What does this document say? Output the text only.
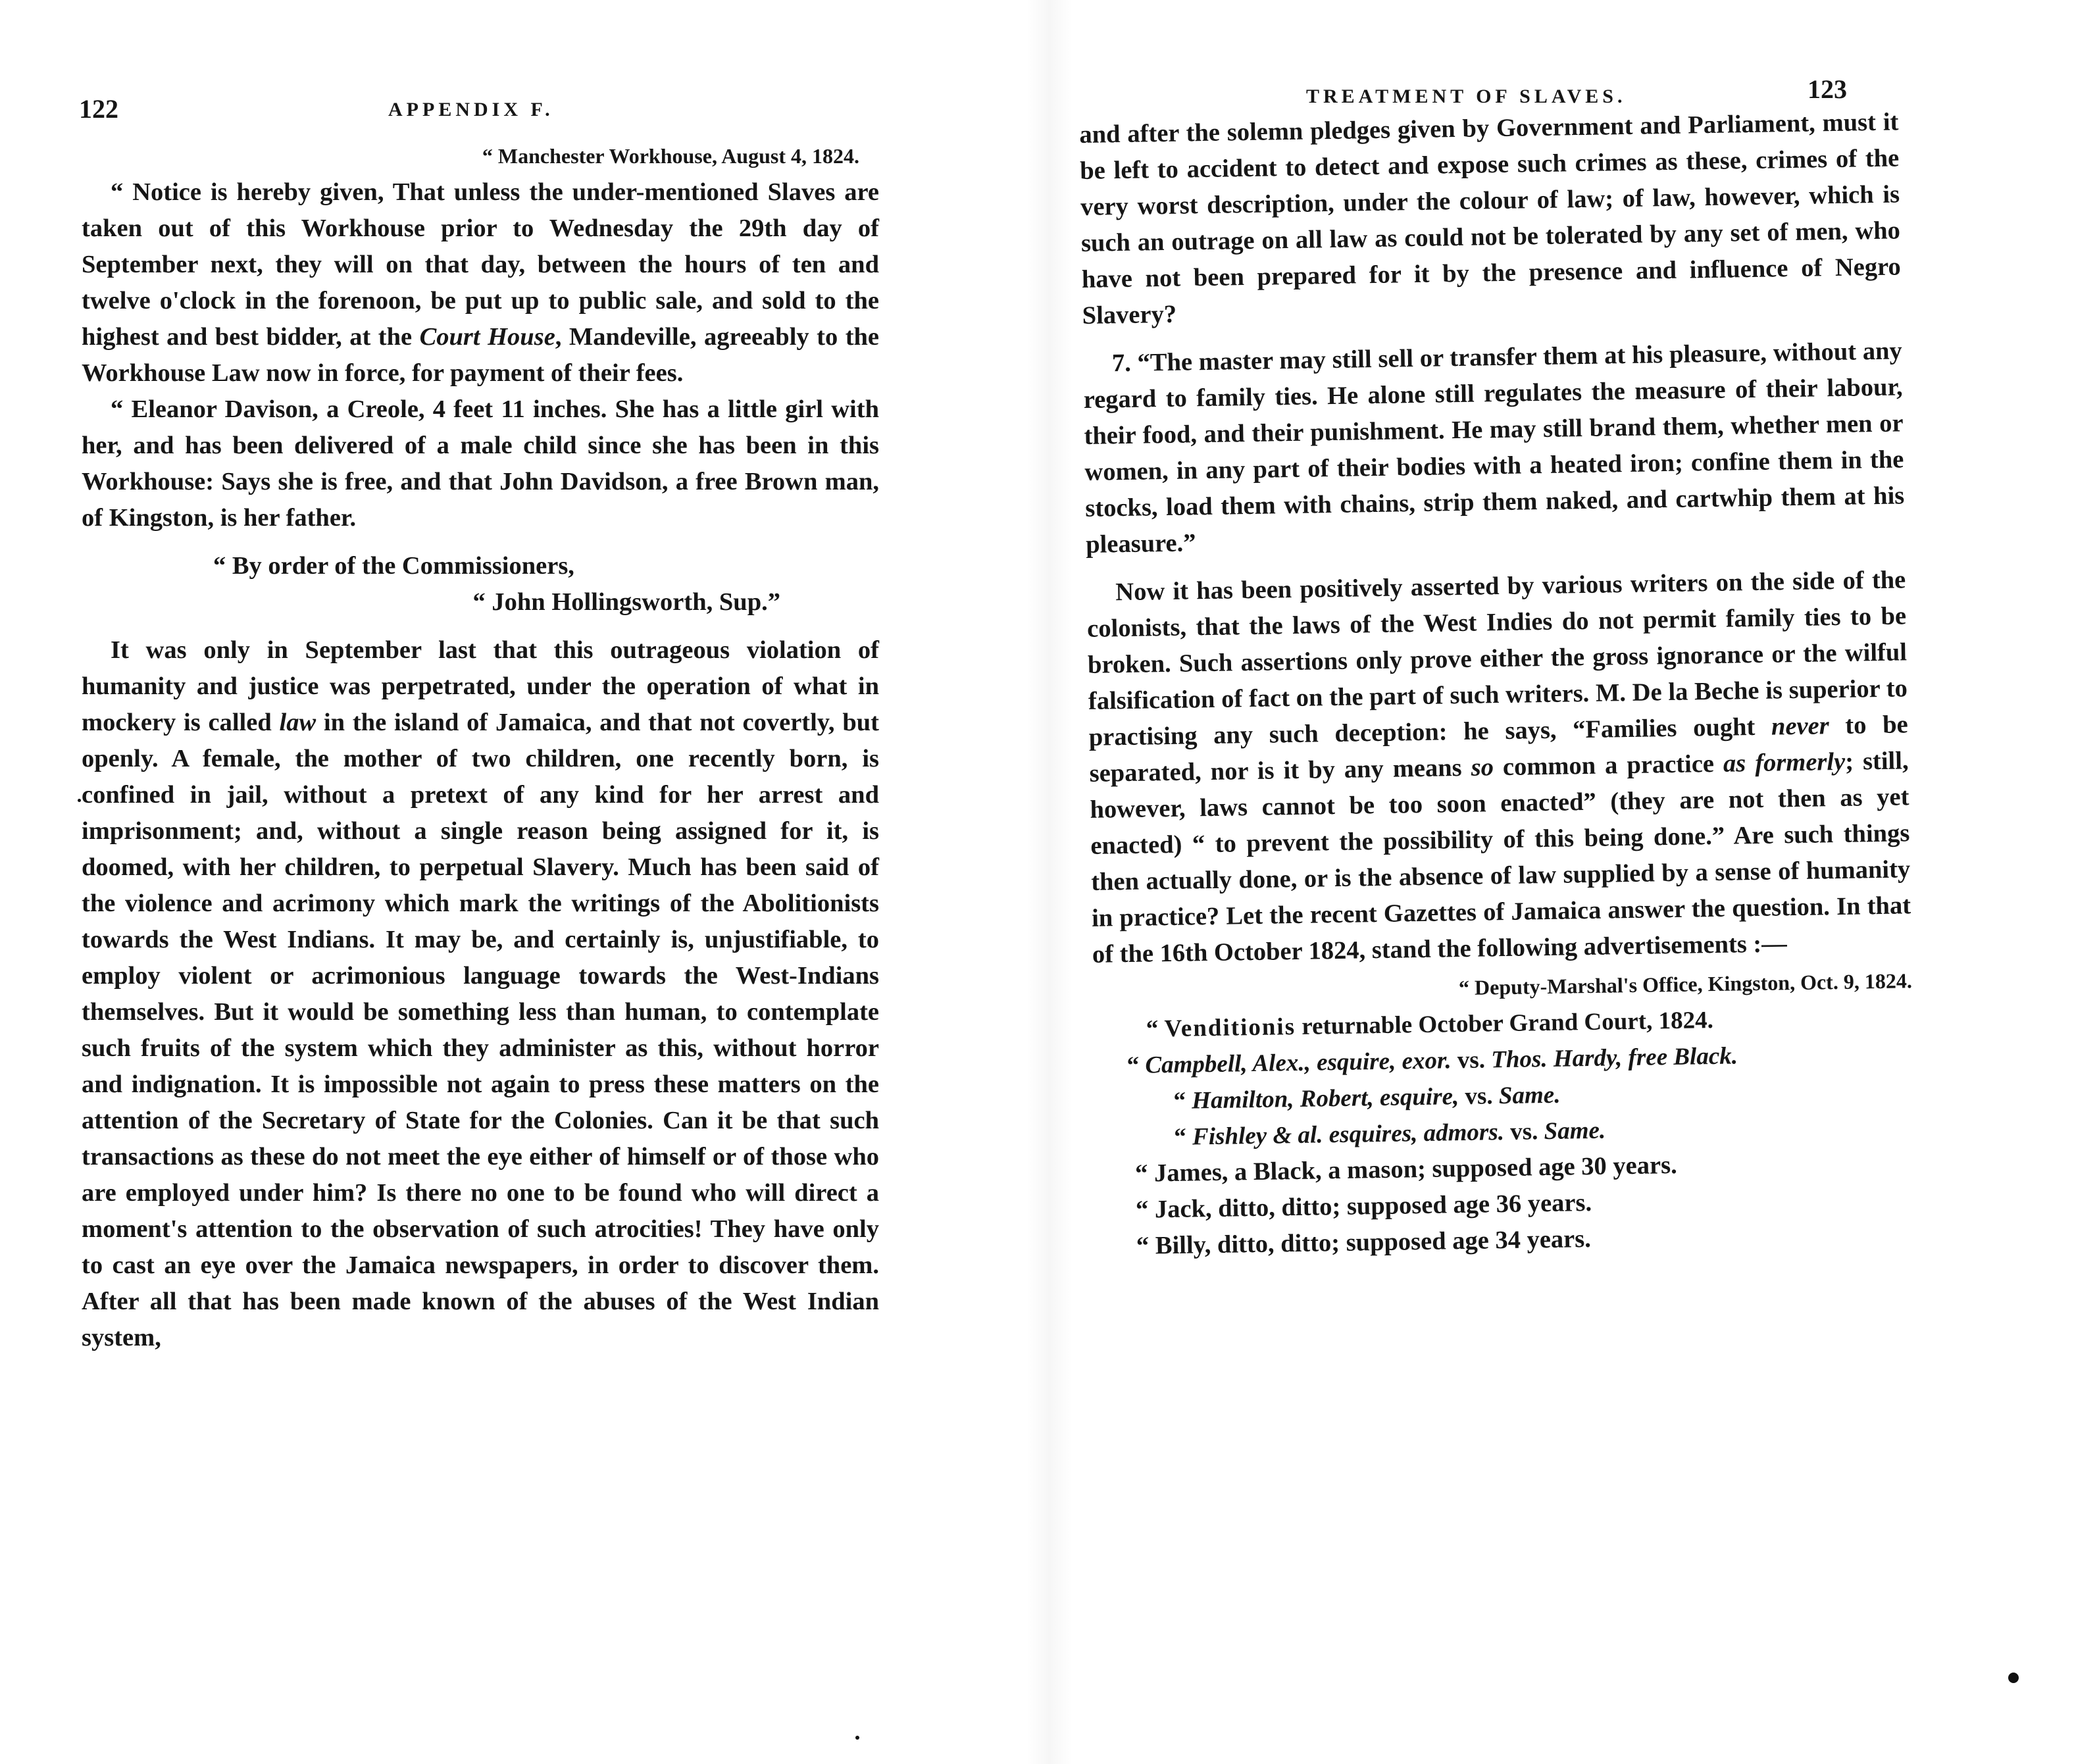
122	APPENDIX F.

“ Manchester Workhouse, August 4, 1824.

“ Notice is hereby given, That unless the under-mentioned Slaves are taken out of this Workhouse prior to Wednesday the 29th day of September next, they will on that day, between the hours of ten and twelve o'clock in the forenoon, be put up to public sale, and sold to the highest and best bidder, at the Court House, Mandeville, agreeably to the Workhouse Law now in force, for payment of their fees.

“ Eleanor Davison, a Creole, 4 feet 11 inches. She has a little girl with her, and has been delivered of a male child since she has been in this Workhouse: Says she is free, and that John Davidson, a free Brown man, of Kingston, is her father.

“ By order of the Commissioners,

“ John Hollingsworth, Sup.”

It was only in September last that this outrageous violation of humanity and justice was perpetrated, under the operation of what in mockery is called law in the island of Jamaica, and that not covertly, but openly. A female, the mother of two children, one recently born, is confined in jail, without a pretext of any kind for her arrest and imprisonment; and, without a single reason being assigned for it, is doomed, with her children, to perpetual Slavery. Much has been said of the violence and acrimony which mark the writings of the Abolitionists towards the West Indians. It may be, and certainly is, unjustifiable, to employ violent or acrimonious language towards the West-Indians themselves. But it would be something less than human, to contemplate such fruits of the system which they administer as this, without horror and indignation. It is impossible not again to press these matters on the attention of the Secretary of State for the Colonies. Can it be that such transactions as these do not meet the eye either of himself or of those who are employed under him? Is there no one to be found who will direct a moment's attention to the observation of such atrocities! They have only to cast an eye over the Jamaica newspapers, in order to discover them. After all that has been made known of the abuses of the West Indian system,

TREATMENT OF SLAVES.	123

and after the solemn pledges given by Government and Parliament, must it be left to accident to detect and expose such crimes as these, crimes of the very worst description, under the colour of law; of law, however, which is such an outrage on all law as could not be tolerated by any set of men, who have not been prepared for it by the presence and influence of Negro Slavery?

7. “The master may still sell or transfer them at his pleasure, without any regard to family ties. He alone still regulates the measure of their labour, their food, and their punishment. He may still brand them, whether men or women, in any part of their bodies with a heated iron; confine them in the stocks, load them with chains, strip them naked, and cartwhip them at his pleasure.”

Now it has been positively asserted by various writers on the side of the colonists, that the laws of the West Indies do not permit family ties to be broken. Such assertions only prove either the gross ignorance or the wilful falsification of fact on the part of such writers. M. De la Beche is superior to practising any such deception: he says, “Families ought never to be separated, nor is it by any means so common a practice as formerly; still, however, laws cannot be too soon enacted” (they are not then as yet enacted) “ to prevent the possibility of this being done.” Are such things then actually done, or is the absence of law supplied by a sense of humanity in practice? Let the recent Gazettes of Jamaica answer the question. In that of the 16th October 1824, stand the following advertisements :—

“ Deputy-Marshal's Office, Kingston, Oct. 9, 1824.

“ Venditionis returnable October Grand Court, 1824.

“ Campbell, Alex., esquire, exor. vs. Thos. Hardy, free Black.

“ Hamilton, Robert, esquire, vs. Same.

“ Fishley & al. esquires, admors. vs. Same.

“ James, a Black, a mason; supposed age 30 years.

“ Jack, ditto, ditto; supposed age 36 years.

“ Billy, ditto, ditto; supposed age 34 years.
